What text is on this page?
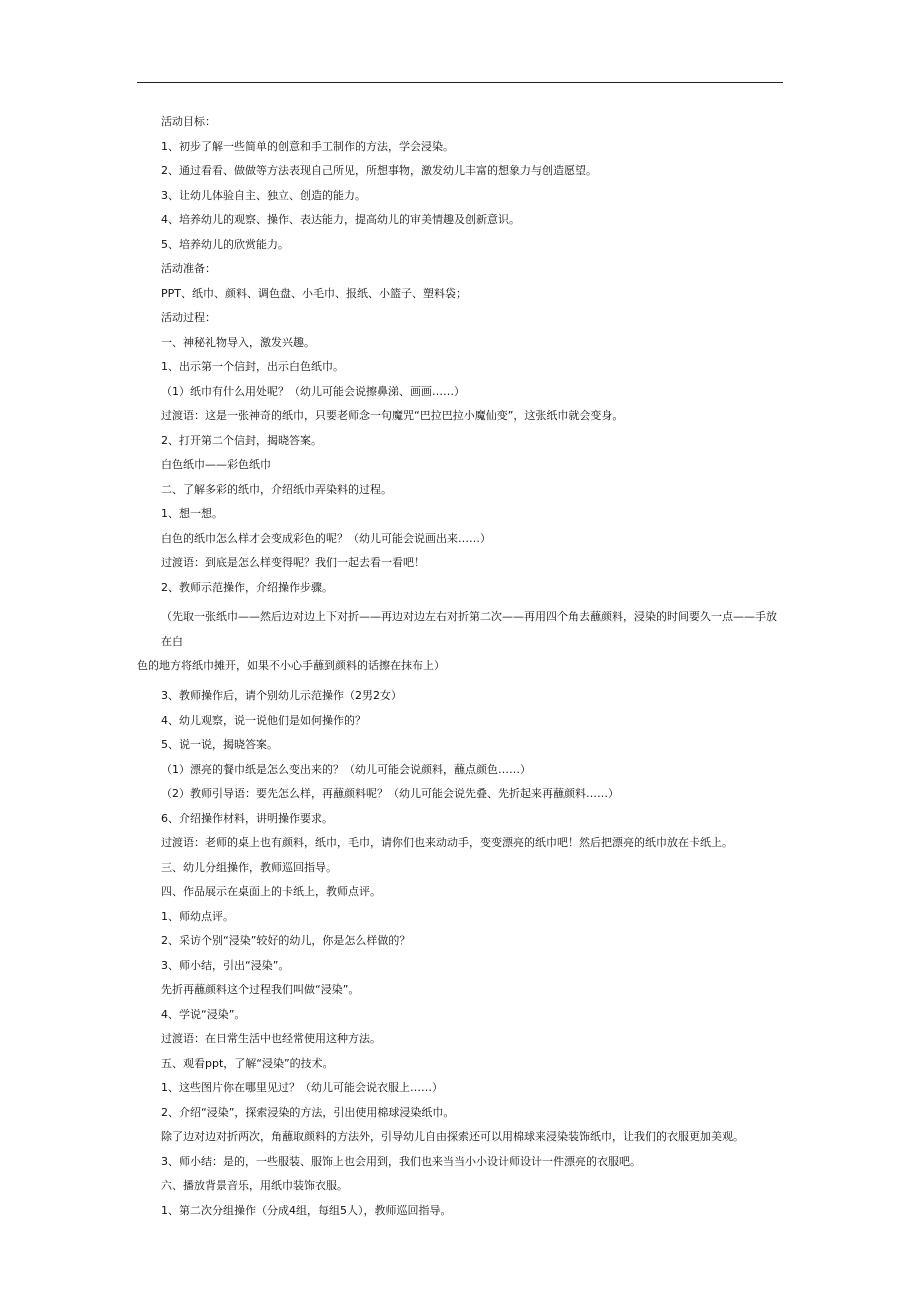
活动目标：
1、初步了解一些简单的创意和手工制作的方法，学会浸染。
2、通过看看、做做等方法表现自己所见，所想事物，激发幼儿丰富的想象力与创造愿望。
3、让幼儿体验自主、独立、创造的能力。
4、培养幼儿的观察、操作、表达能力，提高幼儿的审美情趣及创新意识。
5、培养幼儿的欣赏能力。
活动准备：
PPT、纸巾、颜料、调色盘、小毛巾、报纸、小篮子、塑料袋；
活动过程：
一、神秘礼物导入，激发兴趣。
1、出示第一个信封，出示白色纸巾。
（1）纸巾有什么用处呢？（幼儿可能会说擦鼻涕、画画……）
过渡语：这是一张神奇的纸巾，只要老师念一句魔咒“巴拉巴拉小魔仙变”，这张纸巾就会变身。
2、打开第二个信封，揭晓答案。
白色纸巾——彩色纸巾
二、了解多彩的纸巾，介绍纸巾弄染料的过程。
1、想一想。
白色的纸巾怎么样才会变成彩色的呢？（幼儿可能会说画出来……）
过渡语：到底是怎么样变得呢？我们一起去看一看吧！
2、教师示范操作，介绍操作步骤。
（先取一张纸巾——然后边对边上下对折——再边对边左右对折第二次——再用四个角去蘸颜料，浸染的时间要久一点——手放在白
色的地方将纸巾摊开，如果不小心手蘸到颜料的话擦在抹布上）
3、教师操作后，请个别幼儿示范操作（2男2女）
4、幼儿观察，说一说他们是如何操作的？
5、说一说，揭晓答案。
（1）漂亮的餐巾纸是怎么变出来的？（幼儿可能会说颜料，蘸点颜色……）
（2）教师引导语：要先怎么样，再蘸颜料呢？（幼儿可能会说先叠、先折起来再蘸颜料……）
6、介绍操作材料，讲明操作要求。
过渡语：老师的桌上也有颜料，纸巾，毛巾，请你们也来动动手，变变漂亮的纸巾吧！然后把漂亮的纸巾放在卡纸上。
三、幼儿分组操作，教师巡回指导。
四、作品展示在桌面上的卡纸上，教师点评。
1、师幼点评。
2、采访个别“浸染”较好的幼儿，你是怎么样做的？
3、师小结，引出“浸染”。
先折再蘸颜料这个过程我们叫做“浸染”。
4、学说“浸染”。
过渡语：在日常生活中也经常使用这种方法。
五、观看ppt，了解“浸染”的技术。
1、这些图片你在哪里见过？（幼儿可能会说衣服上……）
2、介绍“浸染”，探索浸染的方法，引出使用棉球浸染纸巾。
除了边对边对折两次，角蘸取颜料的方法外，引导幼儿自由探索还可以用棉球来浸染装饰纸巾，让我们的衣服更加美观。
3、师小结：是的，一些服装、服饰上也会用到，我们也来当当小小设计师设计一件漂亮的衣服吧。
六、播放背景音乐，用纸巾装饰衣服。
1、第二次分组操作（分成4组，每组5人），教师巡回指导。
